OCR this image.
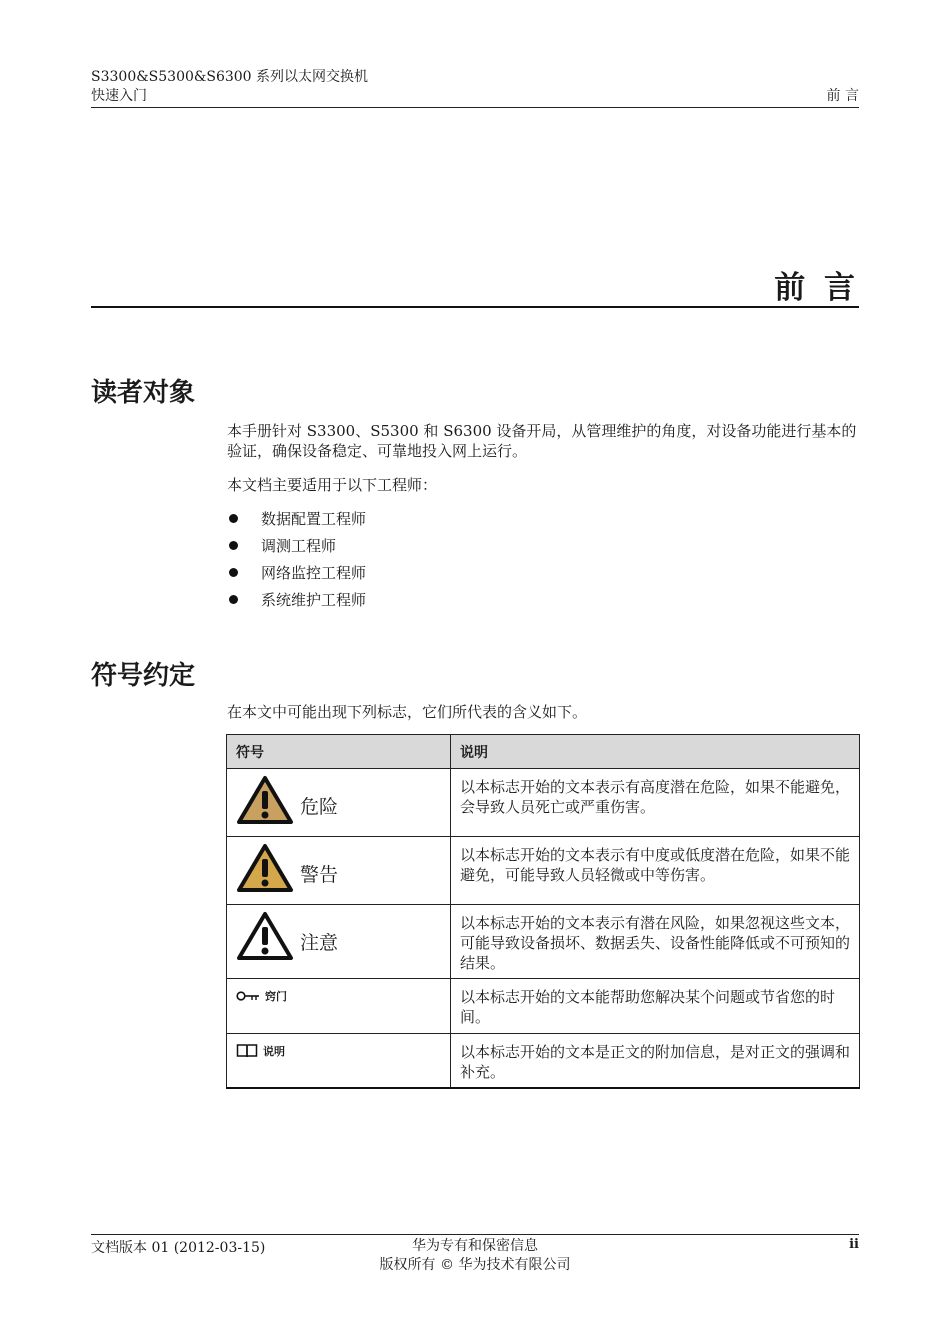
S3300&S5300&S6300 系列以太网交换机
快速入门	前 言
前 言
读者对象
本手册针对 S3300、S5300 和 S6300 设备开局，从管理维护的角度，对设备功能进行基本的验证，确保设备稳定、可靠地投入网上运行。
本文档主要适用于以下工程师：
数据配置工程师
调测工程师
网络监控工程师
系统维护工程师
符号约定
在本文中可能出现下列标志，它们所代表的含义如下。
符号	说明

危险	以本标志开始的文本表示有高度潜在危险，如果不能避免，会导致人员死亡或严重伤害。

警告	以本标志开始的文本表示有中度或低度潜在危险，如果不能避免，可能导致人员轻微或中等伤害。

注意	以本标志开始的文本表示有潜在风险，如果忽视这些文本，可能导致设备损坏、数据丢失、设备性能降低或不可预知的结果。

窍门	以本标志开始的文本能帮助您解决某个问题或节省您的时间。

说明	以本标志开始的文本是正文的附加信息，是对正文的强调和补充。
文档版本 01 (2012-03-15)	华为专有和保密信息
版权所有 © 华为技术有限公司
ii
